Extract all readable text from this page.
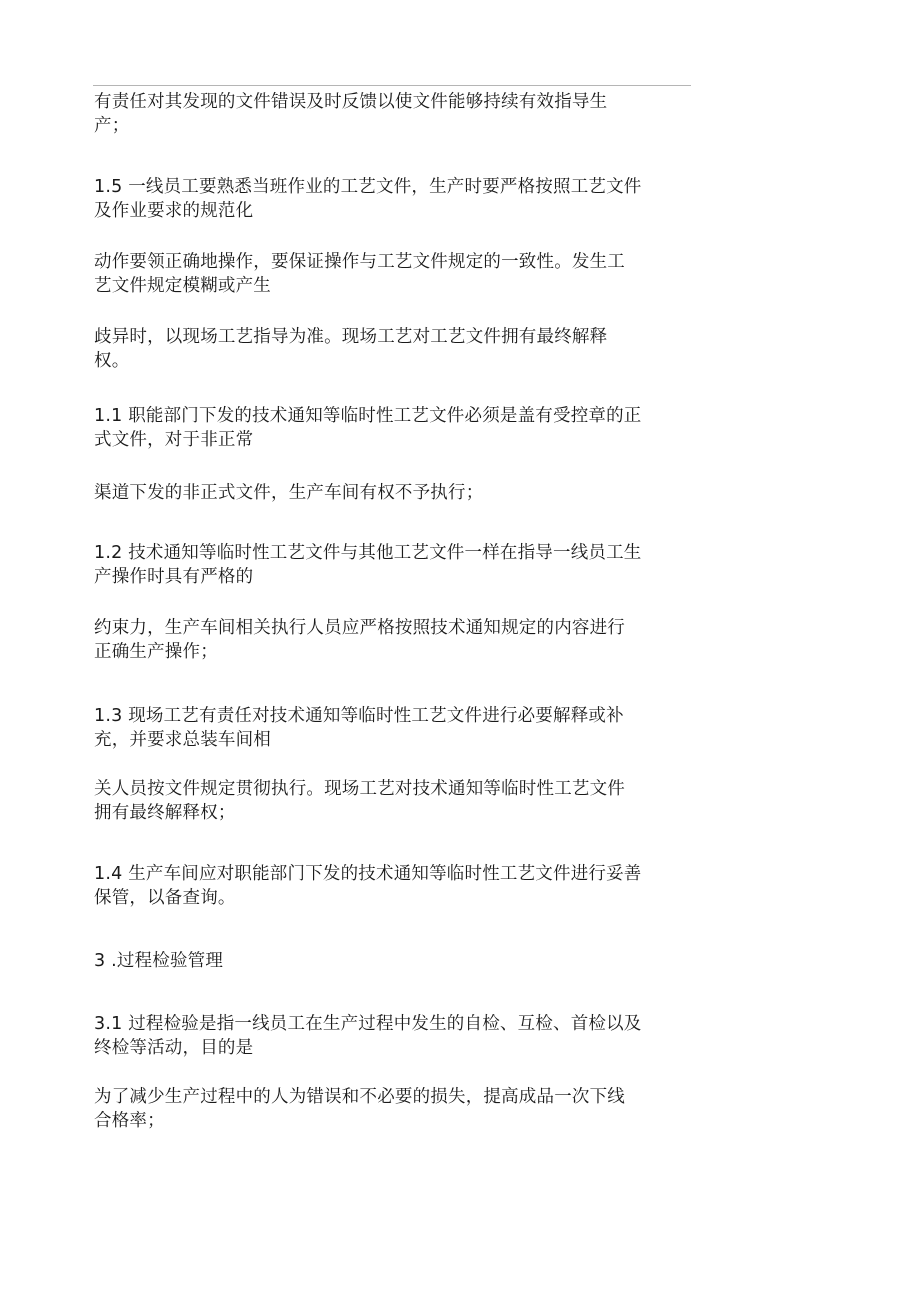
有责任对其发现的文件错误及时反馈以使文件能够持续有效指导生
产；

1.5 一线员工要熟悉当班作业的工艺文件，生产时要严格按照工艺文件
及作业要求的规范化

动作要领正确地操作，要保证操作与工艺文件规定的一致性。发生工
艺文件规定模糊或产生

歧异时，以现场工艺指导为准。现场工艺对工艺文件拥有最终解释
权。

1.1 职能部门下发的技术通知等临时性工艺文件必须是盖有受控章的正
式文件，对于非正常

渠道下发的非正式文件，生产车间有权不予执行；

1.2 技术通知等临时性工艺文件与其他工艺文件一样在指导一线员工生
产操作时具有严格的

约束力，生产车间相关执行人员应严格按照技术通知规定的内容进行
正确生产操作；

1.3 现场工艺有责任对技术通知等临时性工艺文件进行必要解释或补
充，并要求总装车间相

关人员按文件规定贯彻执行。现场工艺对技术通知等临时性工艺文件
拥有最终解释权；

1.4 生产车间应对职能部门下发的技术通知等临时性工艺文件进行妥善
保管，以备查询。

3 .过程检验管理

3.1 过程检验是指一线员工在生产过程中发生的自检、互检、首检以及
终检等活动，目的是

为了减少生产过程中的人为错误和不必要的损失，提高成品一次下线
合格率；
